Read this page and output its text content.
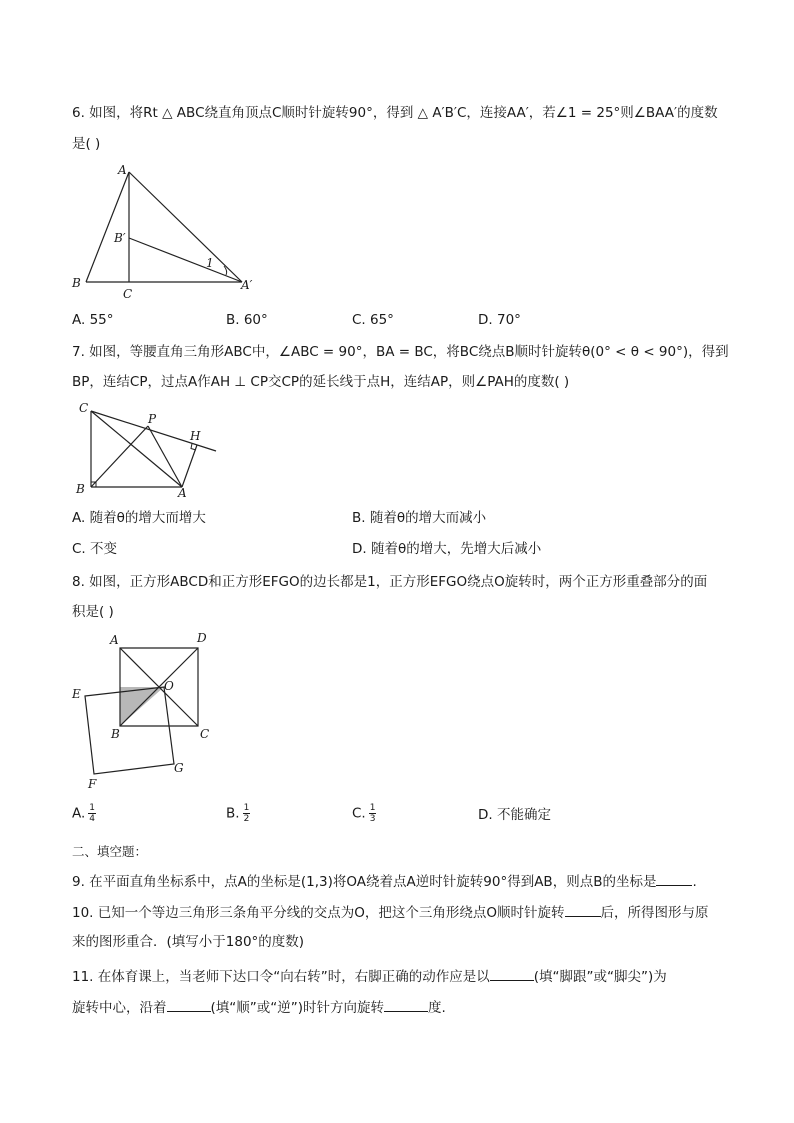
6. 如图，将Rt △ ABC绕直角顶点C顺时针旋转90°，得到 △ A′B′C，连接AA′，若∠1 = 25°则∠BAA′的度数
是( )
A
B′
1
B
C
A′
A. 55°	B. 60°	C. 65°	D. 70°
7. 如图，等腰直角三角形ABC中，∠ABC = 90°，BA = BC，将BC绕点B顺时针旋转θ(0° < θ < 90°)，得到
BP，连结CP，过点A作AH ⊥ CP交CP的延长线于点H，连结AP，则∠PAH的度数( )
C
P
H
B	A
A. 随着θ的增大而增大	B. 随着θ的增大而减小
C. 不变	D. 随着θ的增大，先增大后减小
8. 如图，正方形ABCD和正方形EFGO的边长都是1，正方形EFGO绕点O旋转时，两个正方形重叠部分的面
积是( )
A	D
E
O
B	C
F
G
A. $\frac{1}{4}$	B. $\frac{1}{2}$	C. $\frac{1}{3}$	D. 不能确定
二、填空题：
9. 在平面直角坐标系中，点A的坐标是(1,3)将OA绕着点A逆时针旋转90°得到AB，则点B的坐标是	.
10. 已知一个等边三角形三条角平分线的交点为O，把这个三角形绕点O顺时针旋转	后，所得图形与原
来的图形重合．(填写小于180°的度数)
11. 在体育课上，当老师下达口令“向右转”时，右脚正确的动作应是以	(填“脚跟”或“脚尖”)为
旋转中心，沿着	(填“顺”或“逆”)时针方向旋转	度.
